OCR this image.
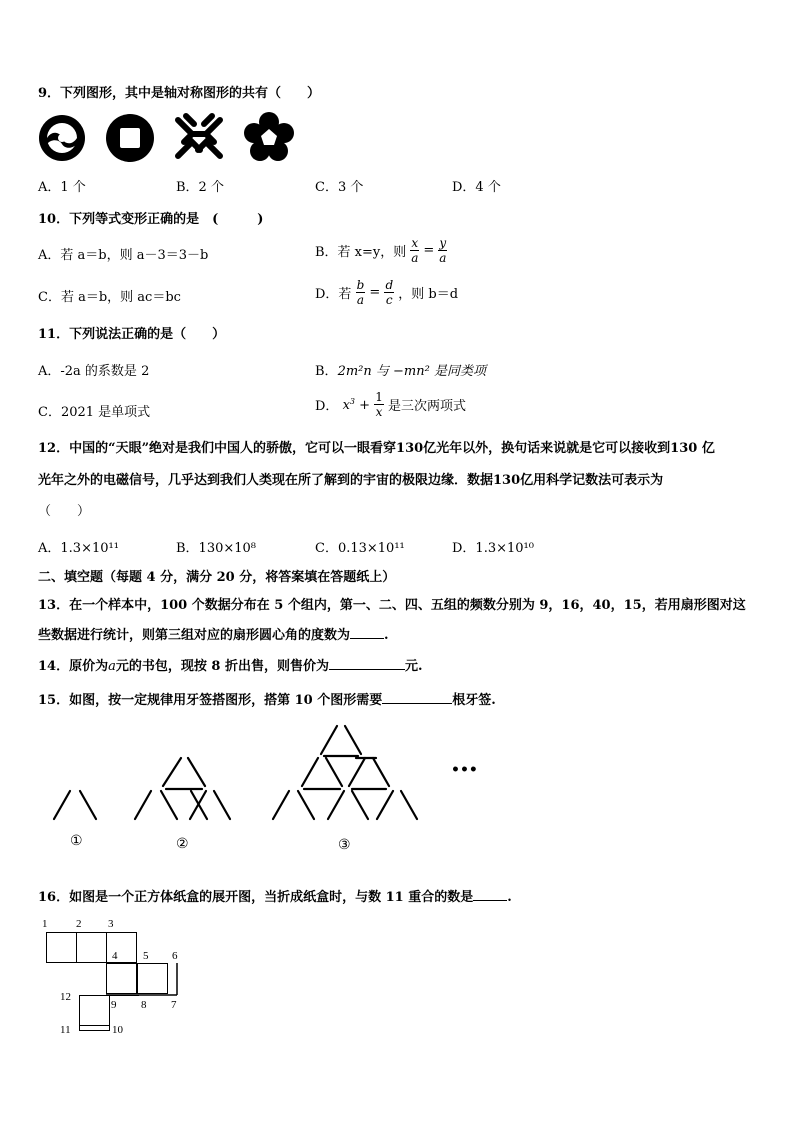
9．下列图形，其中是轴对称图形的共有（　　）
A．1 个	B．2 个	C．3 个	D．4 个
10．下列等式变形正确的是　(　　　)
A．若 a＝b，则 a－3＝3－b	B．若 x=y，则 $\frac{x}{a} = \frac{y}{a}$
C．若 a＝b，则 ac＝bc	D．若 $\frac{b}{a} = \frac{d}{c}$ ，则 b＝d
11．下列说法正确的是（　　）
A．-2a 的系数是 2	B．2m²n 与 −mn² 是同类项
C．2021 是单项式	D． $x^3 + \frac{1}{x}$ 是三次两项式
12．中国的“天眼”绝对是我们中国人的骄傲，它可以一眼看穿130亿光年以外，换句话来说就是它可以接收到130 亿
光年之外的电磁信号，几乎达到我们人类现在所了解到的宇宙的极限边缘．数据130亿用科学记数法可表示为
（　　）
A．1.3×10¹¹	B．130×10⁸	C．0.13×10¹¹	D．1.3×10¹⁰
二、填空题（每题 4 分，满分 20 分，将答案填在答题纸上）
13．在一个样本中，100 个数据分布在 5 个组内，第一、二、四、五组的频数分别为 9，16，40，15，若用扇形图对这
些数据进行统计，则第三组对应的扇形圆心角的度数为	.
14．原价为a元的书包，现按 8 折出售，则售价为	元.
15．如图，按一定规律用牙签搭图形，搭第 10 个图形需要	根牙签.
•••
①	②	③
16．如图是一个正方体纸盒的展开图，当折成纸盒时，与数 11 重合的数是	.
1	2 3
4 5 6
12
9 8 7
11	10
